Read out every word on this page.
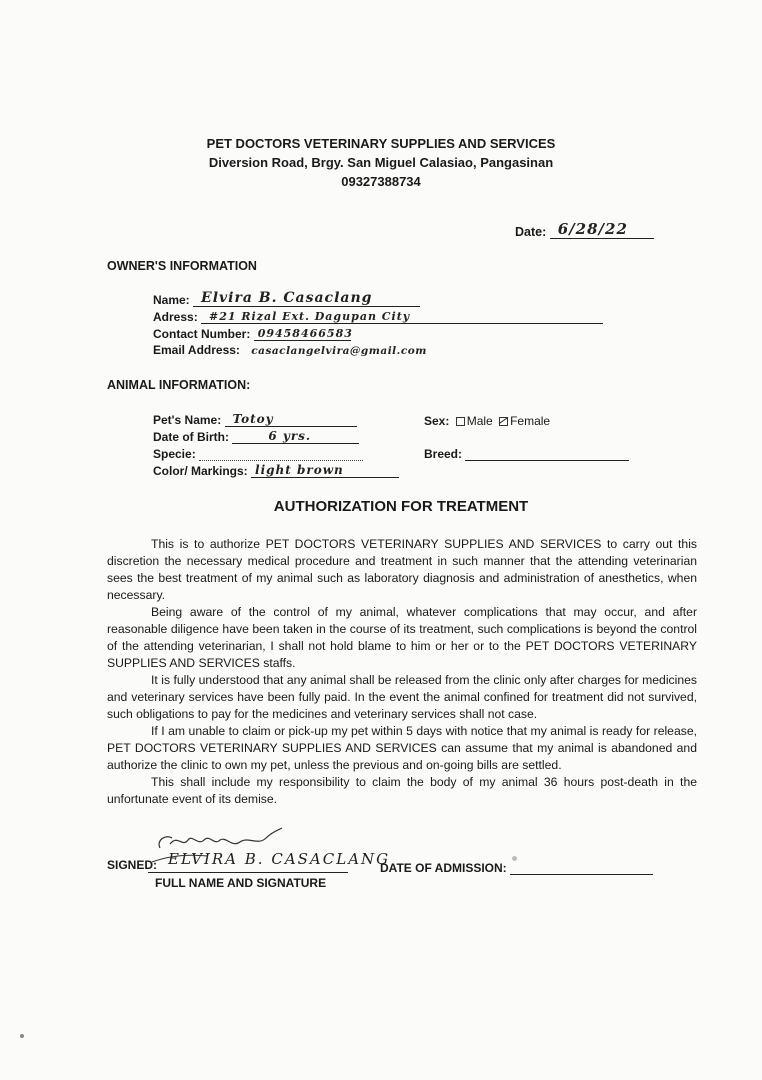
PET DOCTORS VETERINARY SUPPLIES AND SERVICES
Diversion Road, Brgy. San Miguel Calasiao, Pangasinan
09327388734
Date: 6/28/22
OWNER'S INFORMATION
Name: Elvira B. Casaclang
Adress: #21 Rizal Ext. Dagupan City
Contact Number: 09458466583
Email Address: casaclangelvira@gmail.com
ANIMAL INFORMATION:
Pet's Name: Totoy
Date of Birth:	6 yrs.
Specie:
Color/ Markings: light brown
Sex: Male Female
Breed:
AUTHORIZATION FOR TREATMENT

This is to authorize PET DOCTORS VETERINARY SUPPLIES AND SERVICES to carry out this discretion the necessary medical procedure and treatment in such manner that the attending veterinarian sees the best treatment of my animal such as laboratory diagnosis and administration of anesthetics, when necessary.

Being aware of the control of my animal, whatever complications that may occur, and after reasonable diligence have been taken in the course of its treatment, such complications is beyond the control of the attending veterinarian, I shall not hold blame to him or her or to the PET DOCTORS VETERINARY SUPPLIES AND SERVICES staffs.

It is fully understood that any animal shall be released from the clinic only after charges for medicines and veterinary services have been fully paid. In the event the animal confined for treatment did not survived, such obligations to pay for the medicines and veterinary services shall not case.

If I am unable to claim or pick-up my pet within 5 days with notice that my animal is ready for release, PET DOCTORS VETERINARY SUPPLIES AND SERVICES can assume that my animal is abandoned and authorize the clinic to own my pet, unless the previous and on-going bills are settled.

This shall include my responsibility to claim the body of my animal 36 hours post-death in the unfortunate event of its demise.

SIGNED: ELVIRA B. CASACLANG
FULL NAME AND SIGNATURE
DATE OF ADMISSION:
